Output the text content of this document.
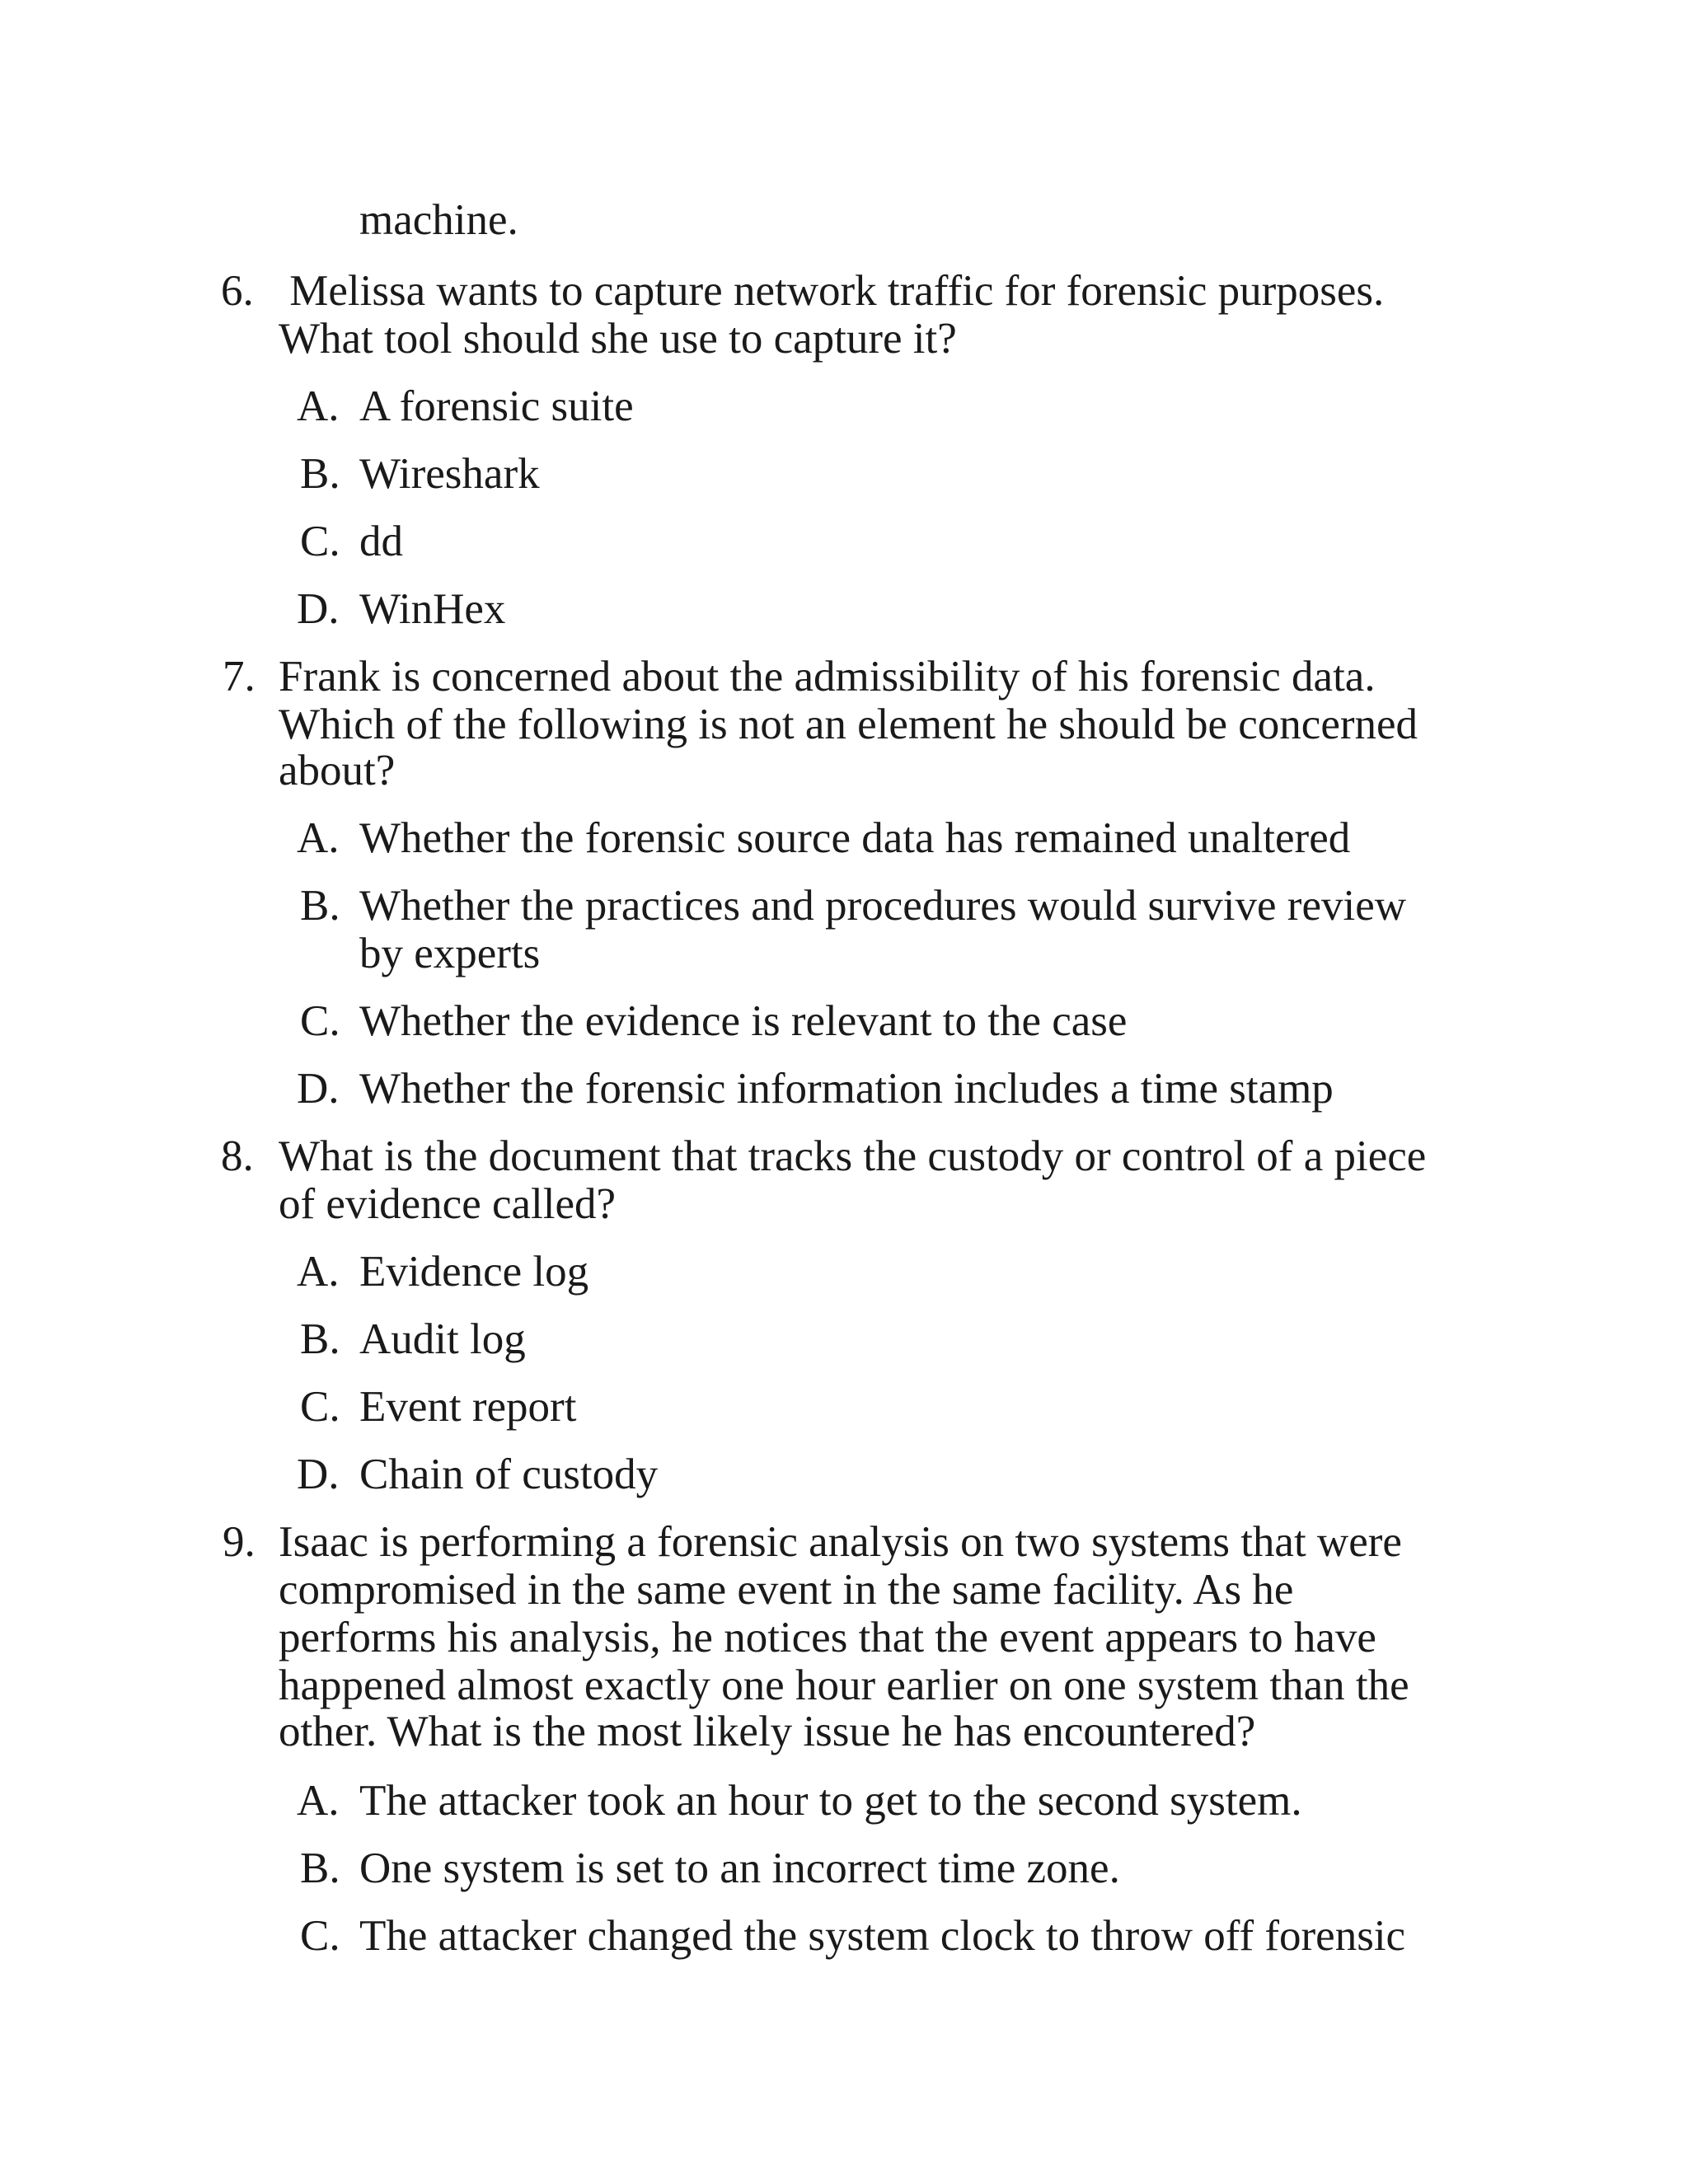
machine.
6. Melissa wants to capture network traffic for forensic purposes.
What tool should she use to capture it?
A. A forensic suite
B. Wireshark
C. dd
D. WinHex
7. Frank is concerned about the admissibility of his forensic data.
Which of the following is not an element he should be concerned
about?
A. Whether the forensic source data has remained unaltered
B. Whether the practices and procedures would survive review
by experts
C. Whether the evidence is relevant to the case
D. Whether the forensic information includes a time stamp
8. What is the document that tracks the custody or control of a piece
of evidence called?
A. Evidence log
B. Audit log
C. Event report
D. Chain of custody
9. Isaac is performing a forensic analysis on two systems that were
compromised in the same event in the same facility. As he
performs his analysis, he notices that the event appears to have
happened almost exactly one hour earlier on one system than the
other. What is the most likely issue he has encountered?
A. The attacker took an hour to get to the second system.
B. One system is set to an incorrect time zone.
C. The attacker changed the system clock to throw off forensic
